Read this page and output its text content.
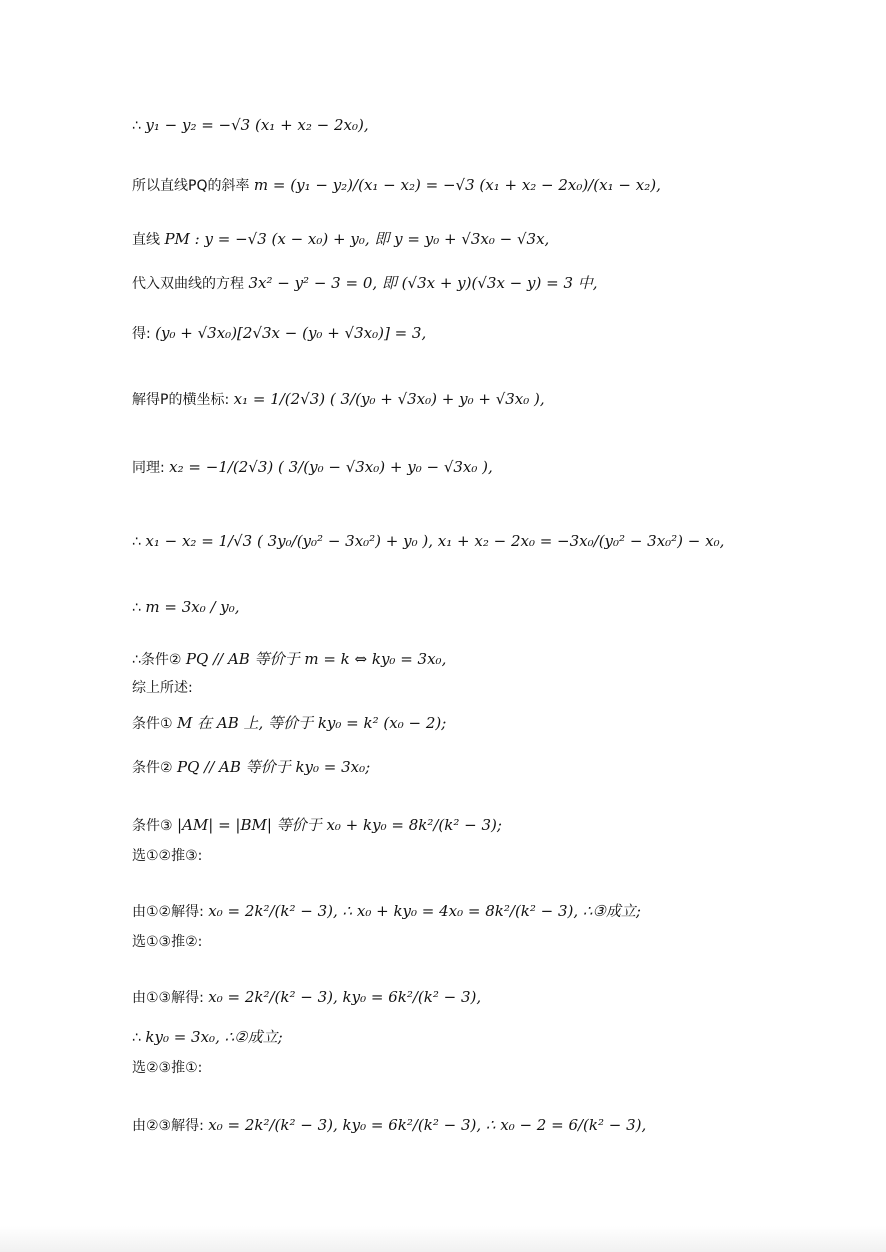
∴ y₁ − y₂ = −√3 (x₁ + x₂ − 2x₀),
所以直线PQ的斜率 m = (y₁ − y₂)/(x₁ − x₂) = −√3 (x₁ + x₂ − 2x₀)/(x₁ − x₂),
直线 PM : y = −√3 (x − x₀) + y₀, 即 y = y₀ + √3x₀ − √3x,
代入双曲线的方程 3x² − y² − 3 = 0, 即 (√3x + y)(√3x − y) = 3 中,
得: (y₀ + √3x₀)[2√3x − (y₀ + √3x₀)] = 3,
解得P的横坐标: x₁ = 1/(2√3) ( 3/(y₀ + √3x₀) + y₀ + √3x₀ ),
同理: x₂ = −1/(2√3) ( 3/(y₀ − √3x₀) + y₀ − √3x₀ ),
∴ x₁ − x₂ = 1/√3 ( 3y₀/(y₀² − 3x₀²) + y₀ ), x₁ + x₂ − 2x₀ = −3x₀/(y₀² − 3x₀²) − x₀,
∴ m = 3x₀ / y₀,
∴条件② PQ // AB 等价于 m = k ⇔ ky₀ = 3x₀,
综上所述:
条件① M 在 AB 上, 等价于 ky₀ = k² (x₀ − 2);
条件② PQ // AB 等价于 ky₀ = 3x₀;
条件③ |AM| = |BM| 等价于 x₀ + ky₀ = 8k²/(k² − 3);
选①②推③:
由①②解得: x₀ = 2k²/(k² − 3), ∴ x₀ + ky₀ = 4x₀ = 8k²/(k² − 3), ∴③成立;
选①③推②:
由①③解得: x₀ = 2k²/(k² − 3), ky₀ = 6k²/(k² − 3),
∴ ky₀ = 3x₀, ∴②成立;
选②③推①:
由②③解得: x₀ = 2k²/(k² − 3), ky₀ = 6k²/(k² − 3), ∴ x₀ − 2 = 6/(k² − 3),
